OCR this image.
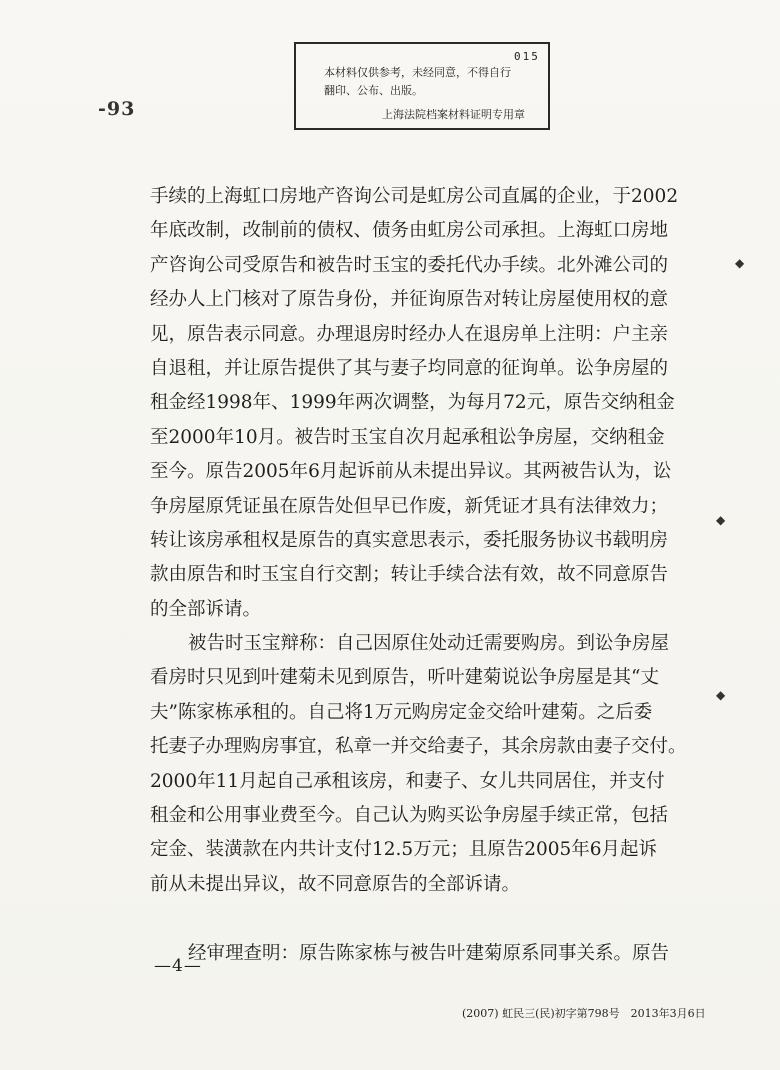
015
本材料仅供参考，未经同意，不得自行
翻印、公布、出版。
上海法院档案材料证明专用章
-93
手续的上海虹口房地产咨询公司是虹房公司直属的企业，于2002
年底改制，改制前的债权、债务由虹房公司承担。上海虹口房地
产咨询公司受原告和被告时玉宝的委托代办手续。北外滩公司的
经办人上门核对了原告身份，并征询原告对转让房屋使用权的意
见，原告表示同意。办理退房时经办人在退房单上注明：户主亲
自退租，并让原告提供了其与妻子均同意的征询单。讼争房屋的
租金经1998年、1999年两次调整，为每月72元，原告交纳租金
至2000年10月。被告时玉宝自次月起承租讼争房屋，交纳租金
至今。原告2005年6月起诉前从未提出异议。其两被告认为，讼
争房屋原凭证虽在原告处但早已作废，新凭证才具有法律效力；
转让该房承租权是原告的真实意思表示，委托服务协议书载明房
款由原告和时玉宝自行交割；转让手续合法有效，故不同意原告
的全部诉请。
被告时玉宝辩称：自己因原住处动迁需要购房。到讼争房屋
看房时只见到叶建菊未见到原告，听叶建菊说讼争房屋是其“丈
夫”陈家栋承租的。自己将1万元购房定金交给叶建菊。之后委
托妻子办理购房事宜，私章一并交给妻子，其余房款由妻子交付。
2000年11月起自己承租该房，和妻子、女儿共同居住，并支付
租金和公用事业费至今。自己认为购买讼争房屋手续正常，包括
定金、装潢款在内共计支付12.5万元；且原告2005年6月起诉
前从未提出异议，故不同意原告的全部诉请。
经审理查明：原告陈家栋与被告叶建菊原系同事关系。原告
—4—
(2007) 虹民三(民)初字第798号　2013年3月6日
◆
◆
◆
